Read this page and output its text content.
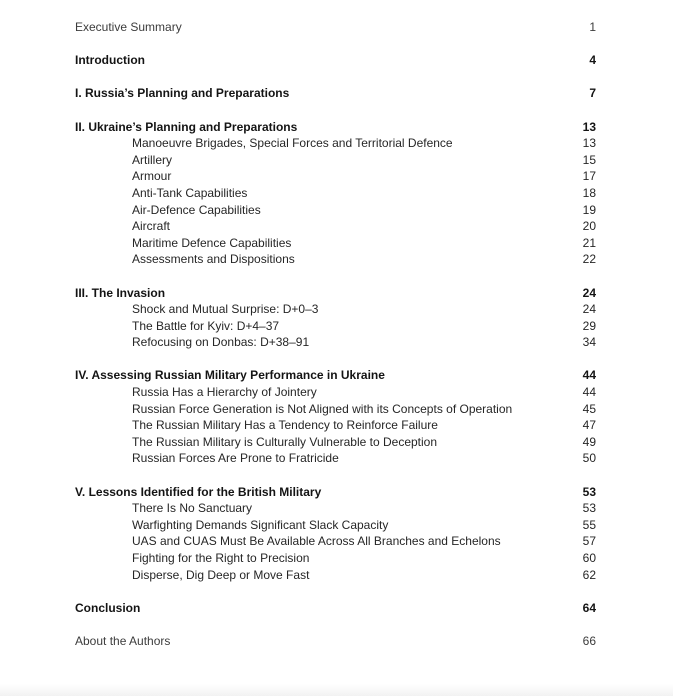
Executive Summary	1
Introduction	4
I. Russia’s Planning and Preparations	7
II. Ukraine’s Planning and Preparations	13
Manoeuvre Brigades, Special Forces and Territorial Defence	13
Artillery	15
Armour	17
Anti-Tank Capabilities	18
Air-Defence Capabilities	19
Aircraft	20
Maritime Defence Capabilities	21
Assessments and Dispositions	22
III. The Invasion	24
Shock and Mutual Surprise: D+0–3	24
The Battle for Kyiv: D+4–37	29
Refocusing on Donbas: D+38–91	34
IV. Assessing Russian Military Performance in Ukraine	44
Russia Has a Hierarchy of Jointery	44
Russian Force Generation is Not Aligned with its Concepts of Operation	45
The Russian Military Has a Tendency to Reinforce Failure	47
The Russian Military is Culturally Vulnerable to Deception	49
Russian Forces Are Prone to Fratricide	50
V. Lessons Identified for the British Military	53
There Is No Sanctuary	53
Warfighting Demands Significant Slack Capacity	55
UAS and CUAS Must Be Available Across All Branches and Echelons	57
Fighting for the Right to Precision	60
Disperse, Dig Deep or Move Fast	62
Conclusion	64
About the Authors	66
